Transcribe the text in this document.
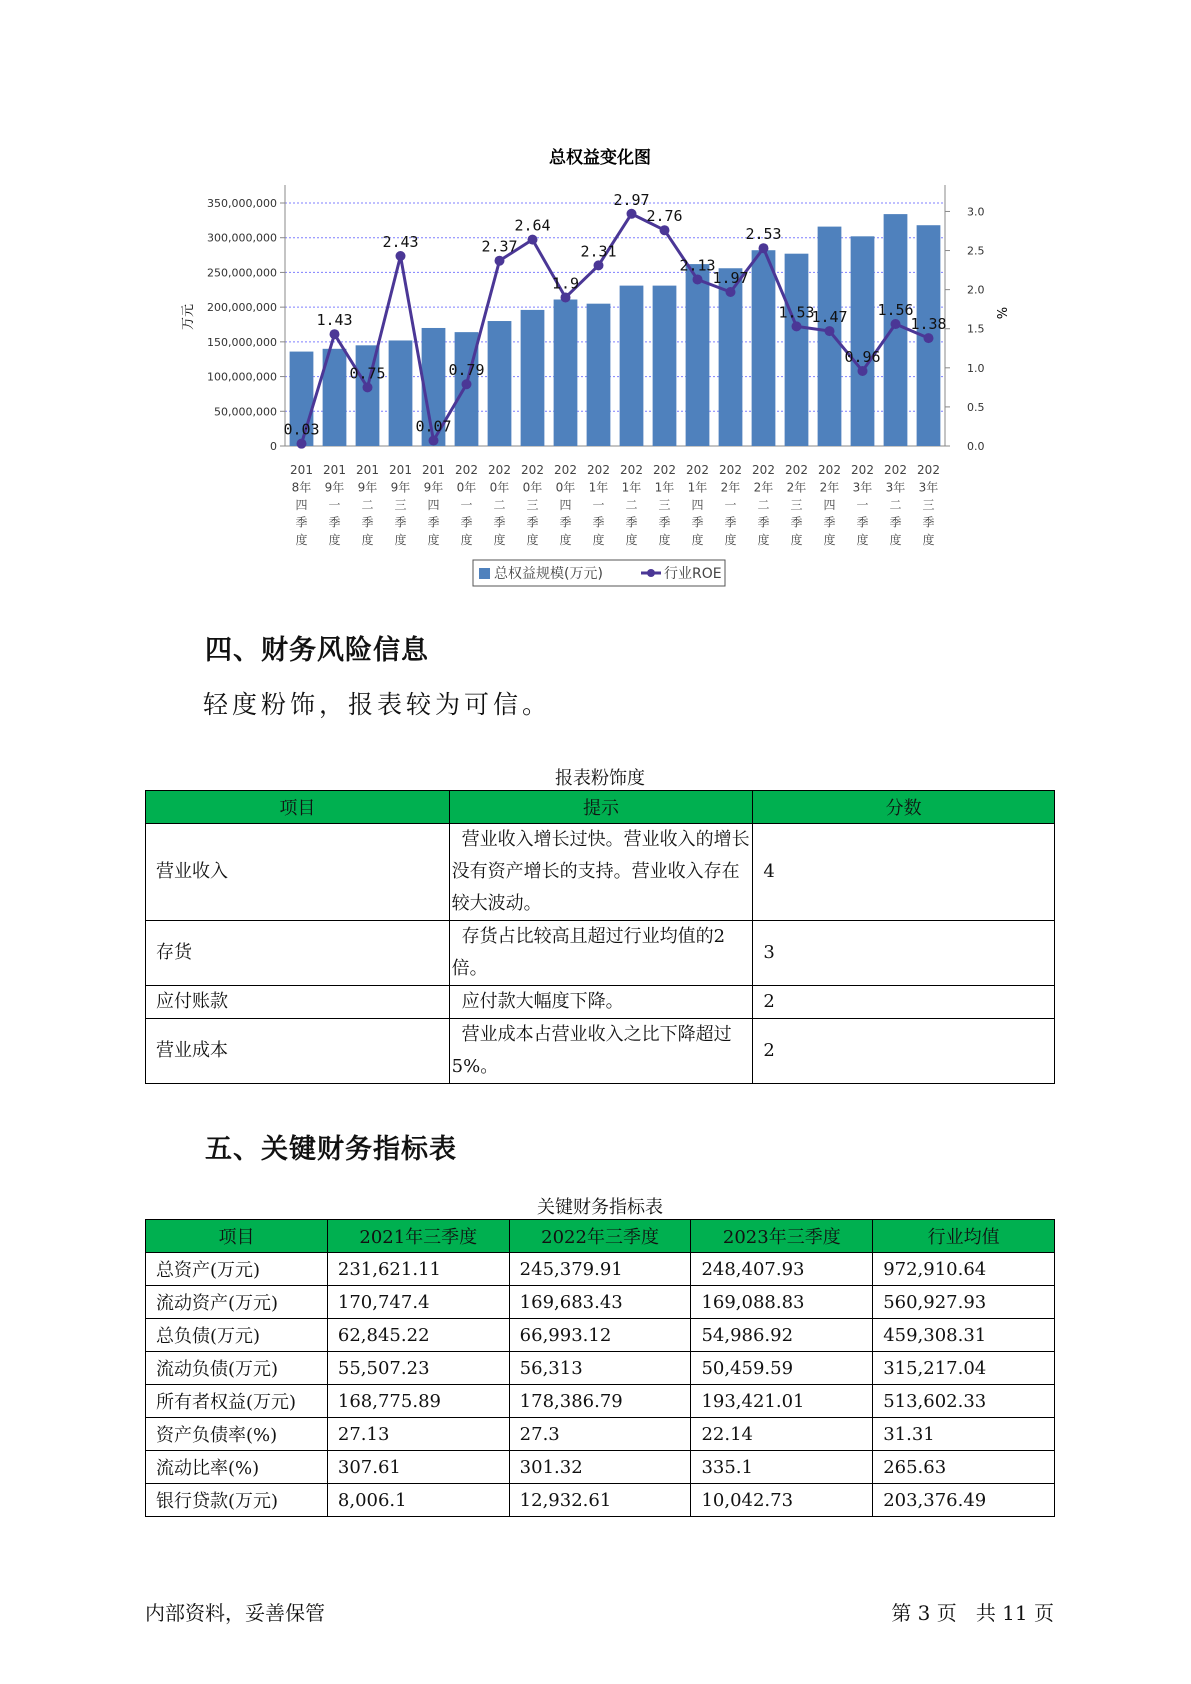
总权益变化图
0
50,000,000
100,000,000
150,000,000
200,000,000
250,000,000
300,000,000
350,000,000
0.0
0.5
1.0
1.5
2.0
2.5
3.0
万元	%
201 8年四季度
201 9年一季度
201 9年二季度
201 9年三季度
201 9年四季度
202 0年一季度
202 0年二季度
202 0年三季度
202 0年四季度
202 1年一季度
202 1年二季度
202 1年三季度
202 1年四季度
202 2年一季度
202 2年二季度
202 2年三季度
202 2年四季度
202 3年一季度
202 3年二季度
202 3年三季度
0.03
1.43
0.75
2.43
0.07
0.79
2.37
2.64
1.9
2.31
2.97
2.76
2.13
1.97
2.53
1.53
1.47
0.96
1.56
1.38
总权益规模(万元)	行业ROE
四、财务风险信息
轻度粉饰，报表较为可信。
报表粉饰度
项目	提示	分数
营业收入	营业收入增长过快。营业收入的增长没有资产增长的支持。营业收入存在较大波动。	4
存货	存货占比较高且超过行业均值的2倍。	3
应付账款	应付款大幅度下降。	2
营业成本	营业成本占营业收入之比下降超过5%。	2
五、关键财务指标表
关键财务指标表
项目	2021年三季度	2022年三季度	2023年三季度	行业均值
总资产(万元)	231,621.11	245,379.91	248,407.93	972,910.64
流动资产(万元)	170,747.4	169,683.43	169,088.83	560,927.93
总负债(万元)	62,845.22	66,993.12	54,986.92	459,308.31
流动负债(万元)	55,507.23	56,313	50,459.59	315,217.04
所有者权益(万元)	168,775.89	178,386.79	193,421.01	513,602.33
资产负债率(%)	27.13	27.3	22.14	31.31
流动比率(%)	307.61	301.32	335.1	265.63
银行贷款(万元)	8,006.1	12,932.61	10,042.73	203,376.49
内部资料，妥善保管	第 3 页   共 11 页
